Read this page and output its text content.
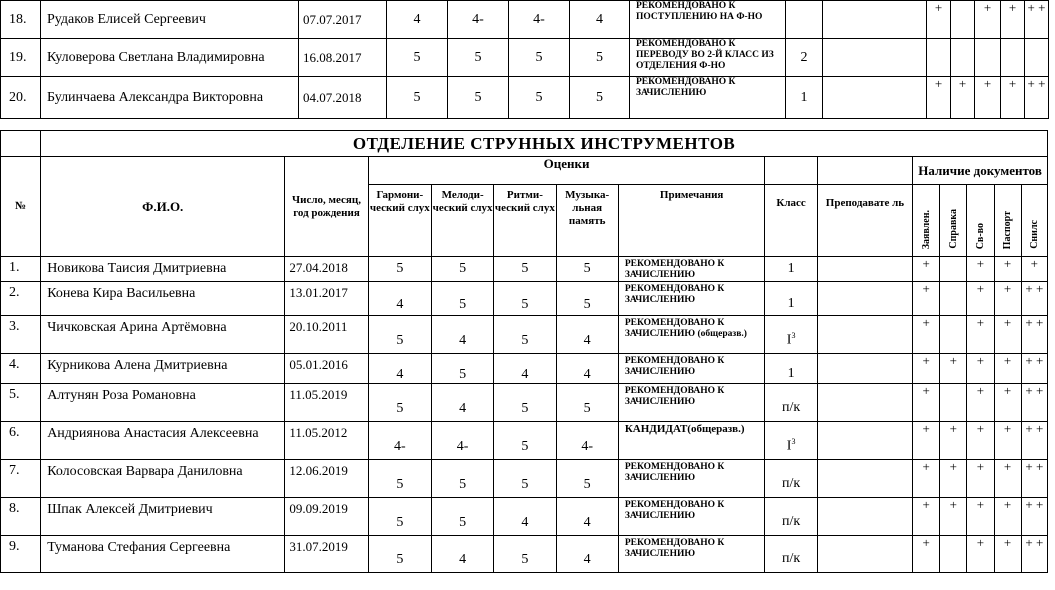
18.	Рудаков Елисей Сергеевич	07.07.2017	4	4-	4-	4	РЕКОМЕНДОВАНО К ПОСТУПЛЕНИЮ НА Ф-НО			+		+	+	+ +
19.	Куловерова Светлана Владимировна	16.08.2017	5	5	5	5	РЕКОМЕНДОВАНО К ПЕРЕВОДУ ВО 2-Й КЛАСС ИЗ ОТДЕЛЕНИЯ Ф-НО	2						
20.	Булинчаева Александра Викторовна	04.07.2018	5	5	5	5	РЕКОМЕНДОВАНО К ЗАЧИСЛЕНИЮ	1		+	+	+	+	+ +
	ОТДЕЛЕНИЕ СТРУННЫХ ИНСТРУМЕНТОВ													
№	Ф.И.О.	Число, месяц, год рождения	Оценки							Наличие документов				
			Гармони-ческий слух	Мелоди-ческий слух	Ритми-ческий слух	Музыка-льная память	Примечания	Класс	Преподавате ль	Заявлен.	Справка	Св-во	Паспорт	Снилс
1.	Новикова Таисия Дмитриевна	27.04.2018	5	5	5	5	РЕКОМЕНДОВАНО К ЗАЧИСЛЕНИЮ	1		+		+	+	+
2.	Конева Кира Васильевна	13.01.2017	4	5	5	5	РЕКОМЕНДОВАНО К ЗАЧИСЛЕНИЮ	1		+		+	+	+ +
3.	Чичковская Арина Артёмовна	20.10.2011	5	4	5	4	РЕКОМЕНДОВАНО К ЗАЧИСЛЕНИЮ (общеразв.)	$I^3$		+		+	+	+ +
4.	Курникова Алена Дмитриевна	05.01.2016	4	5	4	4	РЕКОМЕНДОВАНО К ЗАЧИСЛЕНИЮ	1		+	+	+	+	+ +
5.	Алтунян Роза Романовна	11.05.2019	5	4	5	5	РЕКОМЕНДОВАНО К ЗАЧИСЛЕНИЮ	п/к		+		+	+	+ +
6.	Андриянова Анастасия Алексеевна	11.05.2012	4-	4-	5	4-	КАНДИДАТ(общеразв.)	$I^3$		+	+	+	+	+ +
7.	Колосовская Варвара Даниловна	12.06.2019	5	5	5	5	РЕКОМЕНДОВАНО К ЗАЧИСЛЕНИЮ	п/к		+	+	+	+	+ +
8.	Шпак Алексей Дмитриевич	09.09.2019	5	5	4	4	РЕКОМЕНДОВАНО К ЗАЧИСЛЕНИЮ	п/к		+	+	+	+	+ +
9.	Туманова Стефания Сергеевна	31.07.2019	5	4	5	4	РЕКОМЕНДОВАНО К ЗАЧИСЛЕНИЮ	п/к		+		+	+	+ +
